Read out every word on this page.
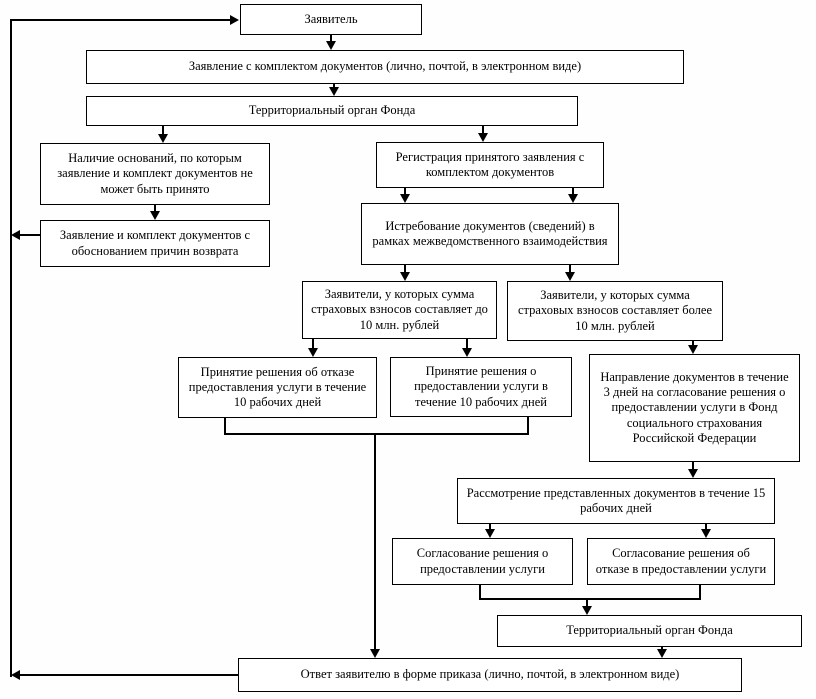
Заявитель
Заявление с комплектом документов (лично, почтой, в электронном виде)
Территориальный орган Фонда
Наличие оснований, по которым заявление и комплект документов не может быть принято
Заявление и комплект документов с обоснованием причин возврата
Регистрация принятого заявления с комплектом документов
Истребование документов (сведений) в рамках межведомственного взаимодействия
Заявители, у которых сумма страховых взносов составляет до 10 млн. рублей
Заявители, у которых сумма страховых взносов составляет более 10 млн. рублей
Принятие решения об отказе предоставления услуги в течение 10 рабочих дней
Принятие решения о предоставлении услуги в течение 10 рабочих дней
Направление документов в течение 3 дней на согласование решения о предоставлении услуги в Фонд социального страхования Российской Федерации
Рассмотрение представленных документов в течение 15 рабочих дней
Согласование решения о предоставлении услуги
Согласование решения об отказе в предоставлении услуги
Территориальный орган Фонда
Ответ заявителю в форме приказа (лично, почтой, в электронном виде)
